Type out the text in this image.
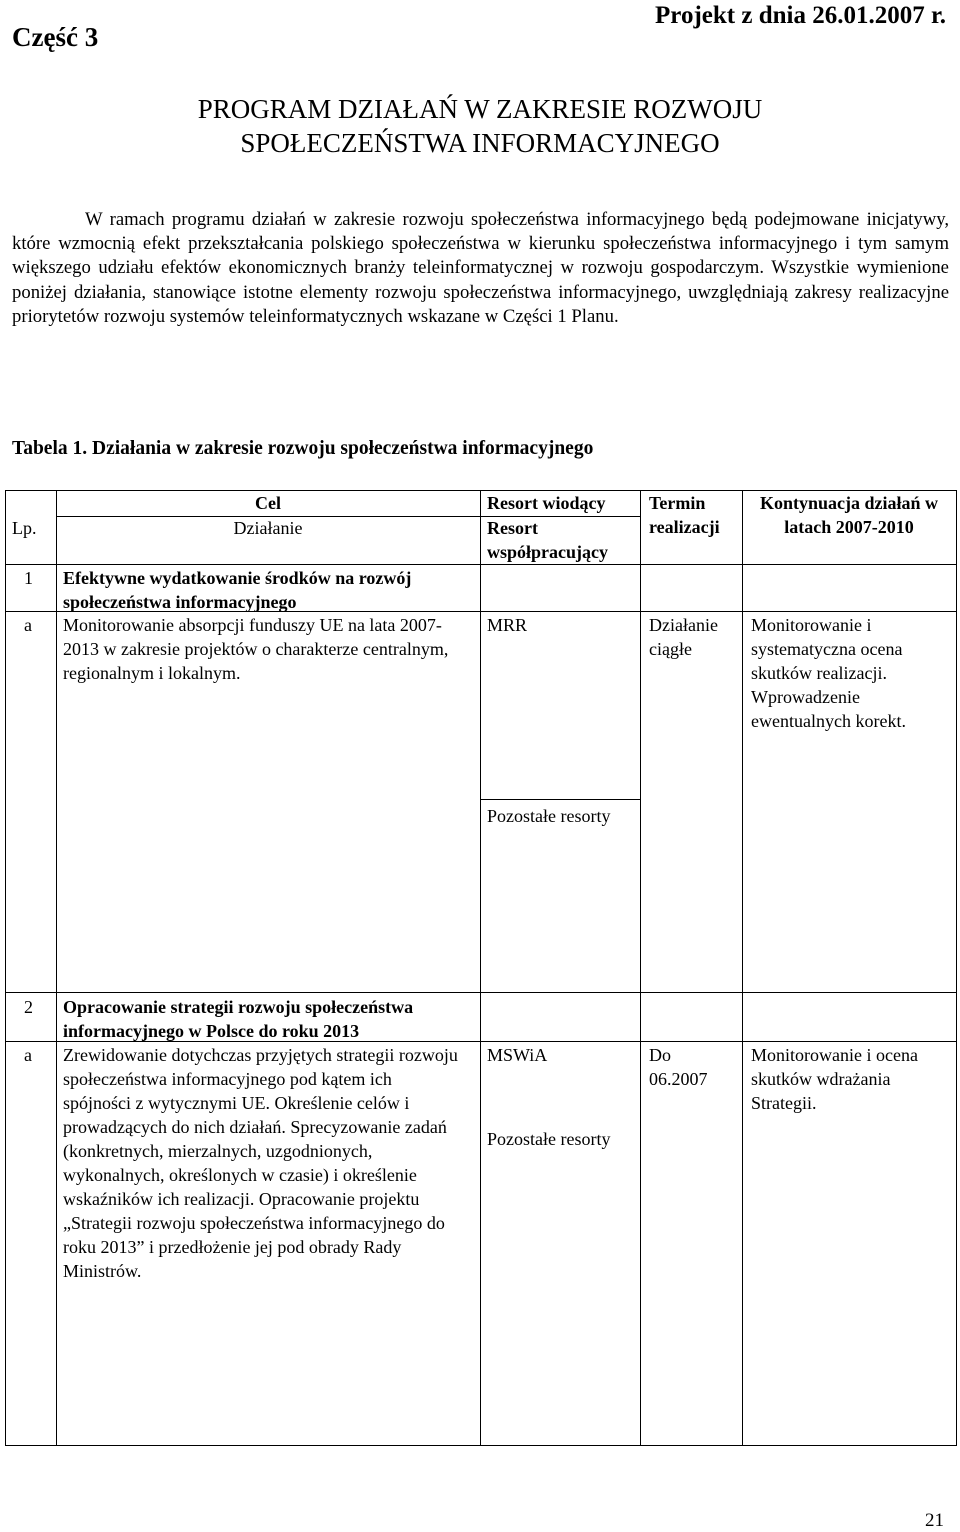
Część 3
Projekt z dnia 26.01.2007 r.
PROGRAM DZIAŁAŃ W ZAKRESIE ROZWOJU
SPOŁECZEŃSTWA INFORMACYJNEGO
W ramach programu działań w zakresie rozwoju społeczeństwa informacyjnego będą podejmowane inicjatywy, które wzmocnią efekt przekształcania polskiego społeczeństwa w kierunku społeczeństwa informacyjnego i tym samym większego udziału efektów ekonomicznych branży teleinformatycznej w rozwoju gospodarczym. Wszystkie wymienione poniżej działania, stanowiące istotne elementy rozwoju społeczeństwa informacyjnego, uwzględniają zakresy realizacyjne priorytetów rozwoju systemów teleinformatycznych wskazane w Części 1 Planu.
Tabela 1. Działania w zakresie rozwoju społeczeństwa informacyjnego
Lp.
Cel
Działanie
Resort wiodący
Resort współpracujący
Termin realizacji
Kontynuacja działań w latach 2007-2010
1 Efektywne wydatkowanie środków na rozwój społeczeństwa informacyjnego
a Monitorowanie absorpcji funduszy UE na lata 2007-2013 w zakresie projektów o charakterze centralnym, regionalnym i lokalnym.
MRR
Pozostałe resorty
Działanie ciągłe
Monitorowanie i systematyczna ocena skutków realizacji. Wprowadzenie ewentualnych korekt.
2 Opracowanie strategii rozwoju społeczeństwa informacyjnego w Polsce do roku 2013
a Zrewidowanie dotychczas przyjętych strategii rozwoju społeczeństwa informacyjnego pod kątem ich spójności z wytycznymi UE. Określenie celów i prowadzących do nich działań. Sprecyzowanie zadań (konkretnych, mierzalnych, uzgodnionych, wykonalnych, określonych w czasie) i określenie wskaźników ich realizacji. Opracowanie projektu „Strategii rozwoju społeczeństwa informacyjnego do roku 2013” i przedłożenie jej pod obrady Rady Ministrów.
MSWiA
Pozostałe resorty
Do 06.2007
Monitorowanie i ocena skutków wdrażania Strategii.
21
